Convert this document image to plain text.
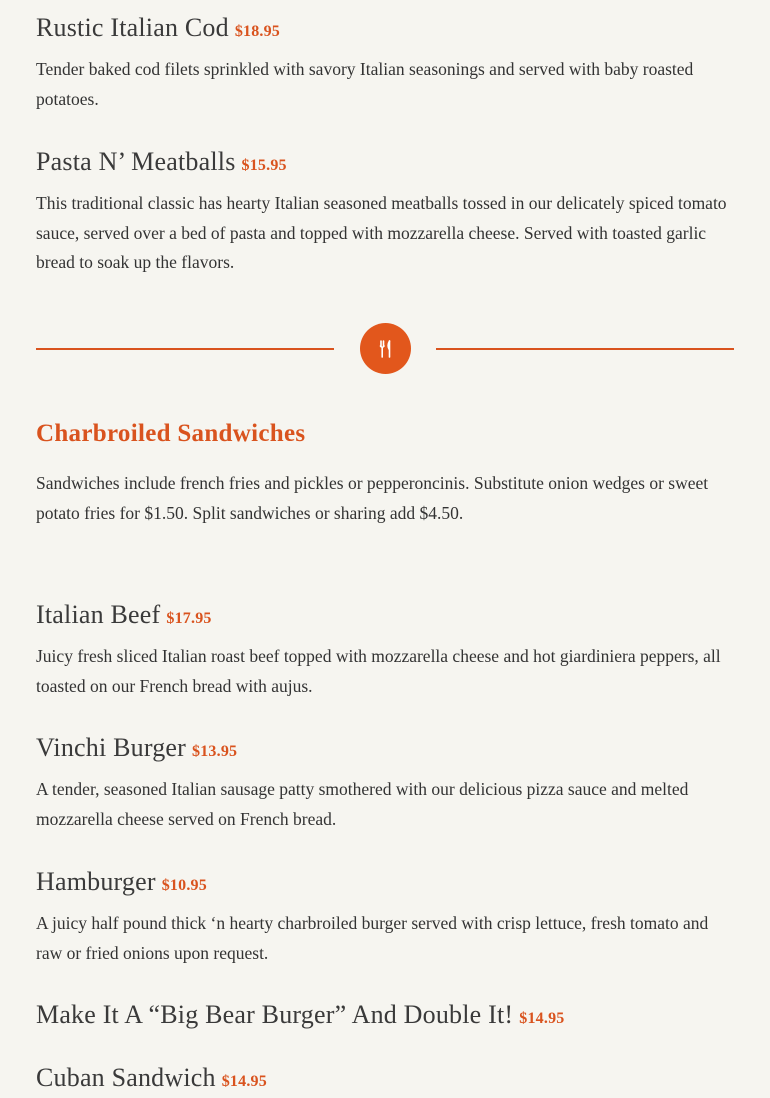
Rustic Italian Cod $18.95

Tender baked cod filets sprinkled with savory Italian seasonings and served with baby roasted potatoes.

Pasta N’ Meatballs $15.95

This traditional classic has hearty Italian seasoned meatballs tossed in our delicately spiced tomato sauce, served over a bed of pasta and topped with mozzarella cheese. Served with toasted garlic bread to soak up the flavors.

Charbroiled Sandwiches

Sandwiches include french fries and pickles or pepperoncinis. Substitute onion wedges or sweet potato fries for $1.50. Split sandwiches or sharing add $4.50.

Italian Beef $17.95

Juicy fresh sliced Italian roast beef topped with mozzarella cheese and hot giardiniera peppers, all toasted on our French bread with aujus.

Vinchi Burger $13.95

A tender, seasoned Italian sausage patty smothered with our delicious pizza sauce and melted mozzarella cheese served on French bread.

Hamburger $10.95

A juicy half pound thick ‘n hearty charbroiled burger served with crisp lettuce, fresh tomato and raw or fried onions upon request.

Make It A “Big Bear Burger” And Double It! $14.95
Cuban Sandwich $14.95
